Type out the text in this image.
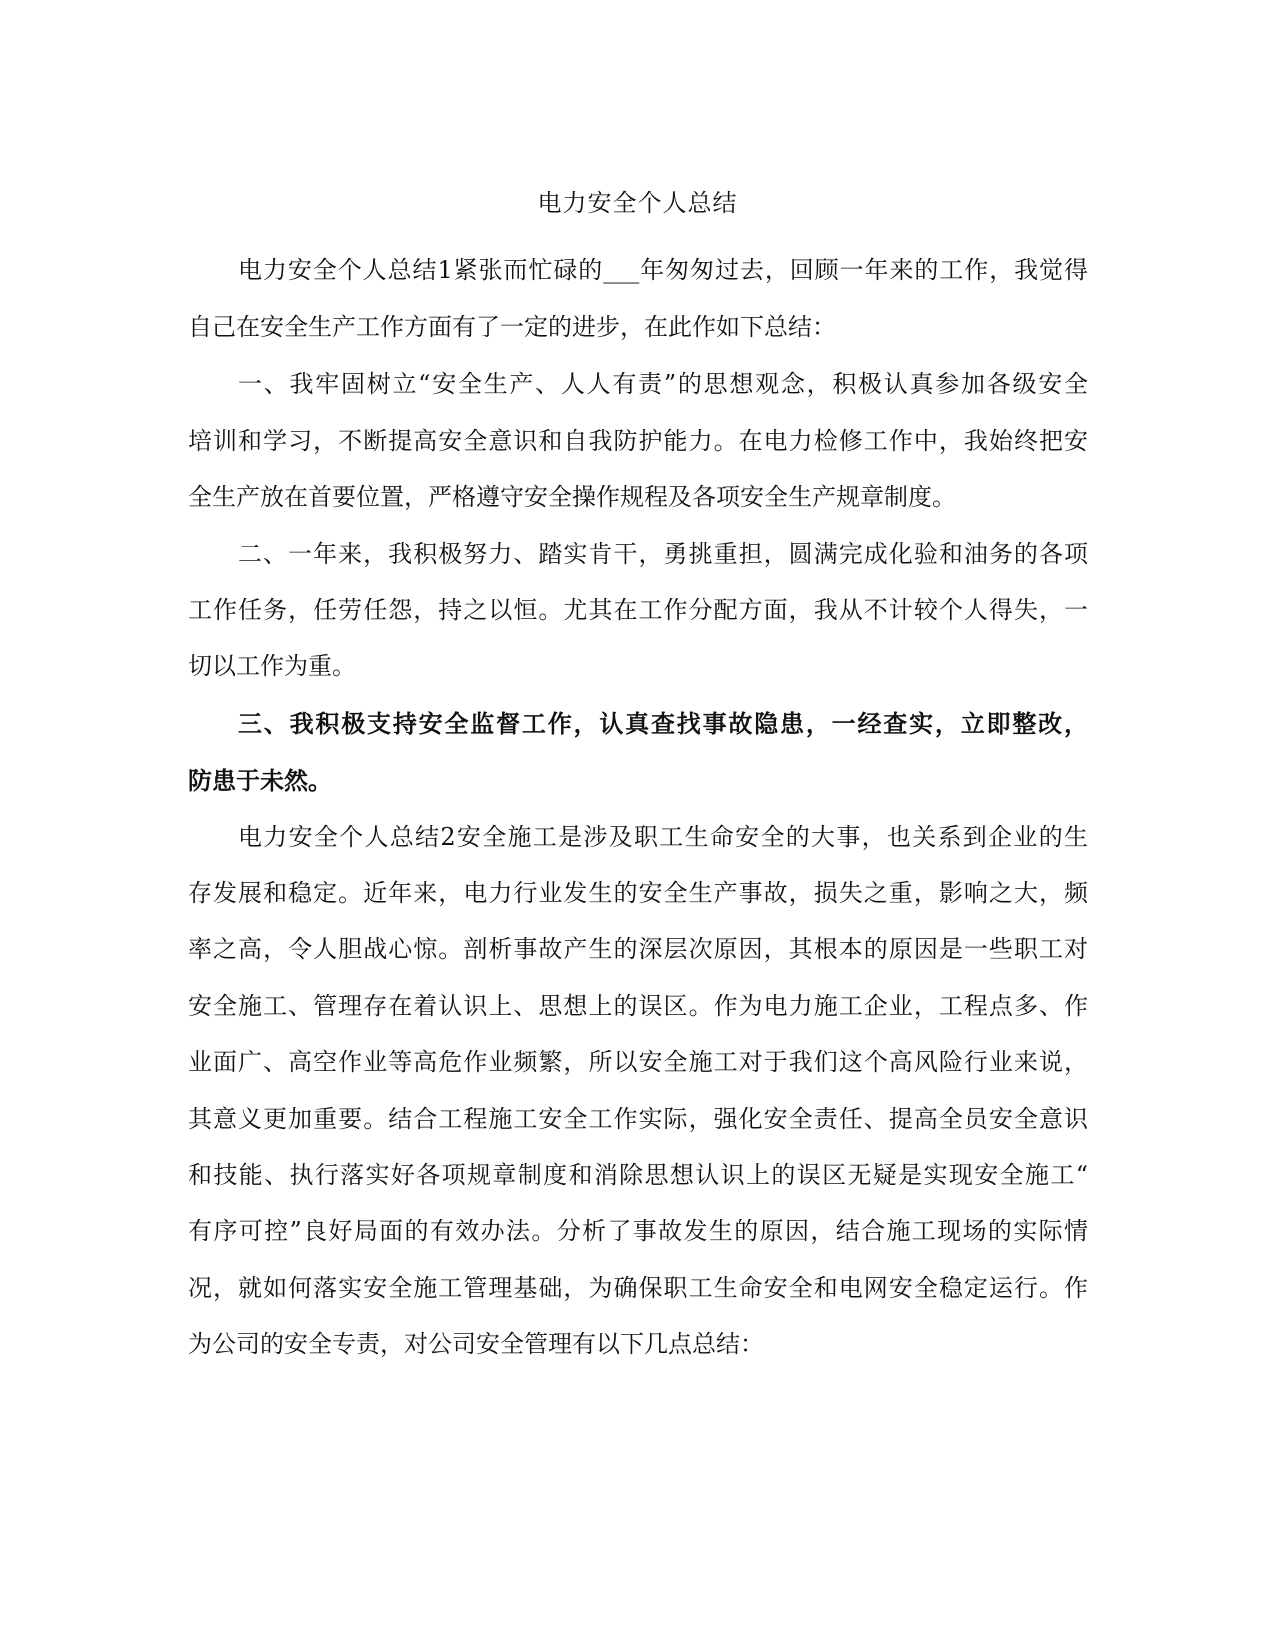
电力安全个人总结
电力安全个人总结1紧张而忙碌的___年匆匆过去，回顾一年来的工作，我觉得
自己在安全生产工作方面有了一定的进步，在此作如下总结：
一、我牢固树立“安全生产、人人有责”的思想观念，积极认真参加各级安全
培训和学习，不断提高安全意识和自我防护能力。在电力检修工作中，我始终把安
全生产放在首要位置，严格遵守安全操作规程及各项安全生产规章制度。
二、一年来，我积极努力、踏实肯干，勇挑重担，圆满完成化验和油务的各项
工作任务，任劳任怨，持之以恒。尤其在工作分配方面，我从不计较个人得失，一
切以工作为重。
三、我积极支持安全监督工作，认真查找事故隐患，一经查实，立即整改，
防患于未然。
电力安全个人总结2安全施工是涉及职工生命安全的大事，也关系到企业的生
存发展和稳定。近年来，电力行业发生的安全生产事故，损失之重，影响之大，频
率之高，令人胆战心惊。剖析事故产生的深层次原因，其根本的原因是一些职工对
安全施工、管理存在着认识上、思想上的误区。作为电力施工企业，工程点多、作
业面广、高空作业等高危作业频繁，所以安全施工对于我们这个高风险行业来说，
其意义更加重要。结合工程施工安全工作实际，强化安全责任、提高全员安全意识
和技能、执行落实好各项规章制度和消除思想认识上的误区无疑是实现安全施工“
有序可控”良好局面的有效办法。分析了事故发生的原因，结合施工现场的实际情
况，就如何落实安全施工管理基础，为确保职工生命安全和电网安全稳定运行。作
为公司的安全专责，对公司安全管理有以下几点总结：
